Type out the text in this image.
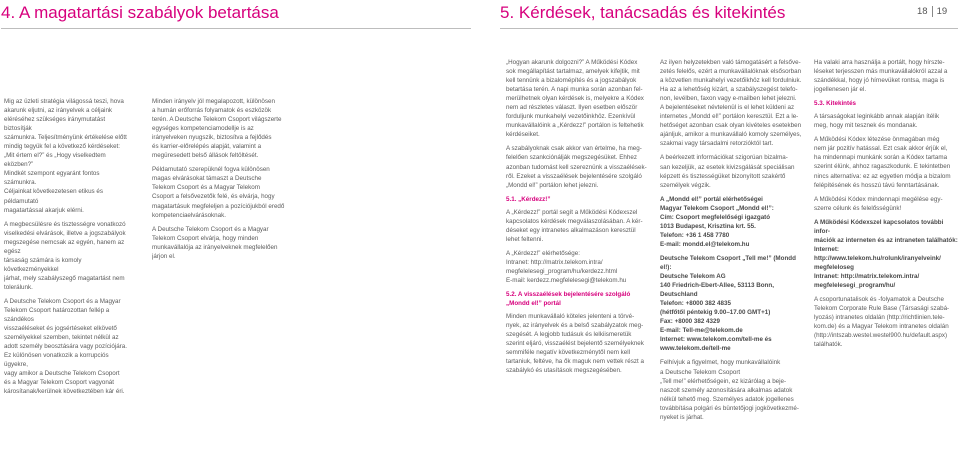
4. A magatartási szabályok betartása	5. Kérdések, tanácsadás és kitekintés	18 19

Mig az üzleti stratégia világossá teszi, hova
akarunk eljutni, az irányelvek a céljaink
eléréséhez szükséges iránymutatást biztosítják
számunkra. Teljesítményünk értékelése előtt
mindig tegyük fel a következő kérdéseket:
„Mit értem el?” és „Hogy viselkedtem eközben?”
Mindkét szempont egyaránt fontos számunkra.
Céljainkat következetesen etikus és példamutató
magatartással akarjuk elérni.

A megbecsülésre és tisztességre vonatkozó
viselkedési elvárások, illetve a jogszabályok
megszegése nemcsak az egyén, hanem az egész
társaság számára is komoly következményekkel
járhat, mely szabályszegő magatartást nem
tolerálunk.

A Deutsche Telekom Csoport és a Magyar
Telekom Csoport határozottan fellép a szándékos
visszaéléseket és jogsértéseket elkövető
személyekkel szemben, tekintet nélkül az
adott személy beosztására vagy pozíciójára.
Ez különösen vonatkozik a korrupciós ügyekre,
vagy amikor a Deutsche Telekom Csoport
és a Magyar Telekom Csoport vagyonát
károsítanak/kerülnek következtében kár éri.

Minden irányelv jól megalapozott, különösen
a humán erőforrás folyamatok és eszközök
terén. A Deutsche Telekom Csoport világszerte
egységes kompetenciamodellje is az
irányelveken nyugszik, biztosítva a fejlődés
és karrier-előrelépés alapját, valamint a
megüresedett belső állások feltöltését.

Példamutató szerepüknél fogva különösen
magas elvárásokat támaszt a Deutsche
Telekom Csoport és a Magyar Telekom
Csoport a felsővezetők felé, és elvárja, hogy
magatartásuk megfeleljen a pozíciójukból eredő
kompetenciaelvárásoknak.

A Deutsche Telekom Csoport és a Magyar
Telekom Csoport elvárja, hogy minden
munkavállalója az irányelveknek megfelelően
járjon el.

„Hogyan akarunk dolgozni?” A Működési Kódex
sok megállapítást tartalmaz, amelyek kifejtik, mit
kell tennünk a bizalomépítés és a jogszabályok
betartása terén. A napi munka során azonban fel-
merülhetnek olyan kérdések is, melyekre a Kódex
nem ad részletes választ. Ilyen esetben először
forduljunk munkahelyi vezetőinkhöz. Ezenkívül
munkavállalóink a „Kérdezz!” portálon is feltehetik
kérdéseiket.

A szabályoknak csak akkor van értelme, ha meg-
felelően szankciónálják megszegésüket. Ehhez
azonban tudomást kell szereznünk a visszaélések-
ről. Ezeket a visszaélések bejelentésére szolgáló
„Mondd el!” portálon lehet jelezni.

5.1. „Kérdezz!”

A „Kérdezz!” portál segít a Működési Kódexszel
kapcsolatos kérdések megválaszolásában. A kér-
déseket egy intranetes alkalmazáson keresztül
lehet feltenni.

A „Kérdezz!” elérhetősége:
Intranet: http://matrix.telekom.intra/
megfelelesegi_program/hu/kerdezz.html
E-mail: kerdezz.megfelelesegi@telekom.hu

5.2. A visszaélések bejelentésére szolgáló
„Mondd el!” portál

Minden munkavállaló köteles jelenteni a törvé-
nyek, az irányelvek és a belső szabályzatok meg-
szegését. A legjobb tudásuk és lelkiismeretük
szerint eljáró, visszaélést bejelentő személyeknek
semmiféle negatív következménytől nem kell
tartaniuk, feltéve, ha ők maguk nem vettek részt a
szabálykó és utasítások megszegésében.

Az ilyen helyzetekben való támogatásért a felsőve-
zetés felelős, ezért a munkavállalóknak elsősorban
a közvetlen munkahelyi vezetőikhöz kell fordulniuk.
Ha az a lehetőség kizárt, a szabályszegést telefo-
non, levélben, faxon vagy e-mailben lehet jelezni.
A bejelentéseket névtelenül is el lehet küldeni az
internetes „Mondd el!” portálon keresztül. Ezt a le-
hetőséget azonban csak olyan kivételes esetekben
ajánljuk, amikor a munkavállaló komoly személyes,
szakmai vagy társadalmi retorzióktól tart.

A beérkezett információkat szigorúan bizalma-
san kezeljük, az esetek kivizsgálását speciálisan
képzett és tisztességüket bizonyított szakértő
személyek végzik.

A „Mondd el!” portál elérhetőségei
Magyar Telekom Csoport „Mondd el!”:
Cím: Csoport megfelelőségi igazgató
1013 Budapest, Krisztina krt. 55.
Telefon: +36 1 458 7780
E-mail: mondd.el@telekom.hu

Deutsche Telekom Csoport „Tell me!” (Mondd el!):
Deutsche Telekom AG
140 Friedrich-Ebert-Allee, 53113 Bonn,
Deutschland
Telefon: +8000 382 4835
(hétfőtől péntekig 9.00–17.00 GMT+1)
Fax: +8000 382 4329
E-mail: Tell-me@telekom.de
Internet: www.telekom.com/tell-me és
www.telekom.de/tell-me

Felhívjuk a figyelmet, hogy munkavállalóink
a Deutsche Telekom Csoport
„Tell me!” elérhetőségein, ez kizárólag a beje-
naszolt személy azonosítására alkalmas adatok
nélkül tehető meg. Személyes adatok jogellenes
továbbítása polgári és büntetőjogi jogkövetkezmé-
nyeket is járhat.

Ha valaki arra használja a portált, hogy hírszte-
léseket terjesszen más munkavállalókról azzal a
szándékkal, hogy jó hírnevüket rontsa, maga is
jogellenesen jár el.

5.3. Kitekintés

A társaságokat leginkább annak alapján ítélik
meg, hogy mit tesznek és mondanak.

A Működési Kódex létezése önmagában még
nem jár pozitív hatással. Ezt csak akkor érjük el,
ha mindennapi munkánk során a Kódex tartama
szerint élünk, ahhoz ragaszkodunk. E tekintetben
nincs alternatíva: ez az egyetlen módja a bizalom
felépítésének és hosszú távú fenntartásának.

A Működési Kódex mindennapi megélése egy-
szerre célunk és felelősségünk!

A Működési Kódexszel kapcsolatos további infor-
mációk az interneten és az intraneten találhatók:
Internet: http://www.telekom.hu/rolunk/iranyelveink/
megfeleloseg
Intranet: http://matrix.telekom.intra/
megfelelesegi_program/hu/

A csoportunatalisok és -folyamatok a Deutsche
Telekom Corporate Rule Base (Társasági szabá-
lyozás) intranetes oldalán (http://richtlinien.tele-
kom.de) és a Magyar Telekom intranetes oldalán
(http://intszab.westel.westel900.hu/default.aspx)
találhatók.
